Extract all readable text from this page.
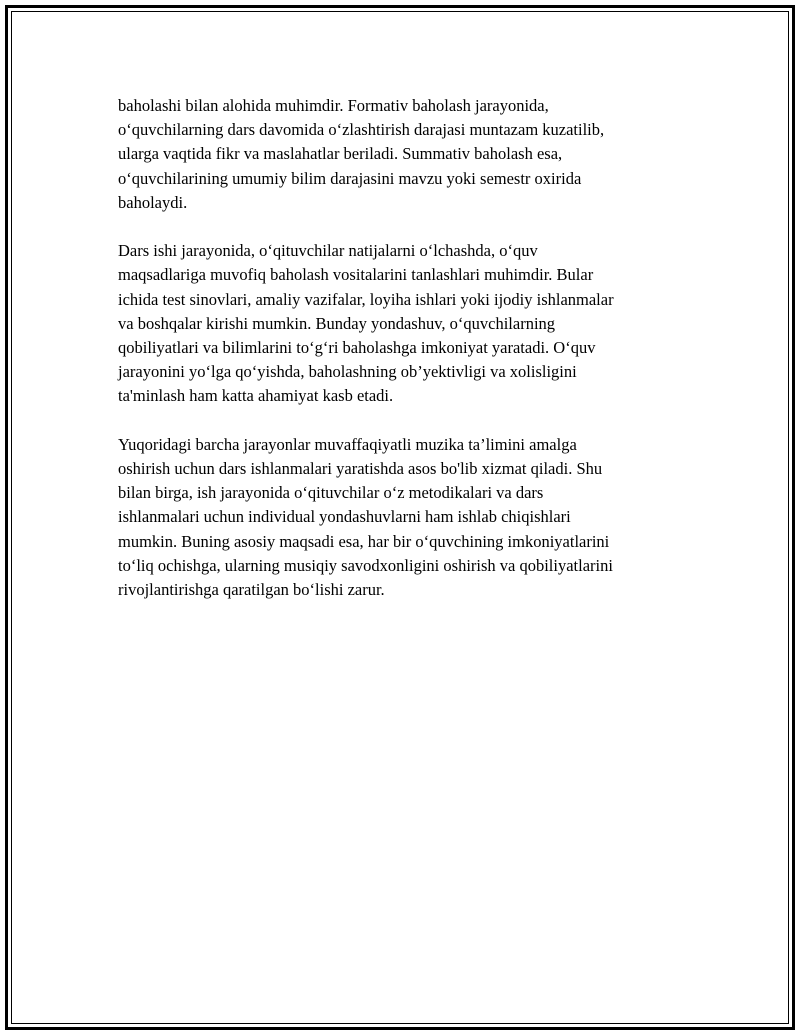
baholashi bilan alohida muhimdir. Formativ baholash jarayonida,
o‘quvchilarning dars davomida o‘zlashtirish darajasi muntazam kuzatilib,
ularga vaqtida fikr va maslahatlar beriladi. Summativ baholash esa,
o‘quvchilarining umumiy bilim darajasini mavzu yoki semestr oxirida
baholaydi.

Dars ishi jarayonida, o‘qituvchilar natijalarni o‘lchashda, o‘quv
maqsadlariga muvofiq baholash vositalarini tanlashlari muhimdir. Bular
ichida test sinovlari, amaliy vazifalar, loyiha ishlari yoki ijodiy ishlanmalar
va boshqalar kirishi mumkin. Bunday yondashuv, o‘quvchilarning
qobiliyatlari va bilimlarini to‘g‘ri baholashga imkoniyat yaratadi. O‘quv
jarayonini yo‘lga qo‘yishda, baholashning ob’yektivligi va xolisligini
ta'minlash ham katta ahamiyat kasb etadi.

Yuqoridagi barcha jarayonlar muvaffaqiyatli muzika ta’limini amalga
oshirish uchun dars ishlanmalari yaratishda asos bo'lib xizmat qiladi. Shu
bilan birga, ish jarayonida o‘qituvchilar o‘z metodikalari va dars
ishlanmalari uchun individual yondashuvlarni ham ishlab chiqishlari
mumkin. Buning asosiy maqsadi esa, har bir o‘quvchining imkoniyatlarini
to‘liq ochishga, ularning musiqiy savodxonligini oshirish va qobiliyatlarini
rivojlantirishga qaratilgan bo‘lishi zarur.
